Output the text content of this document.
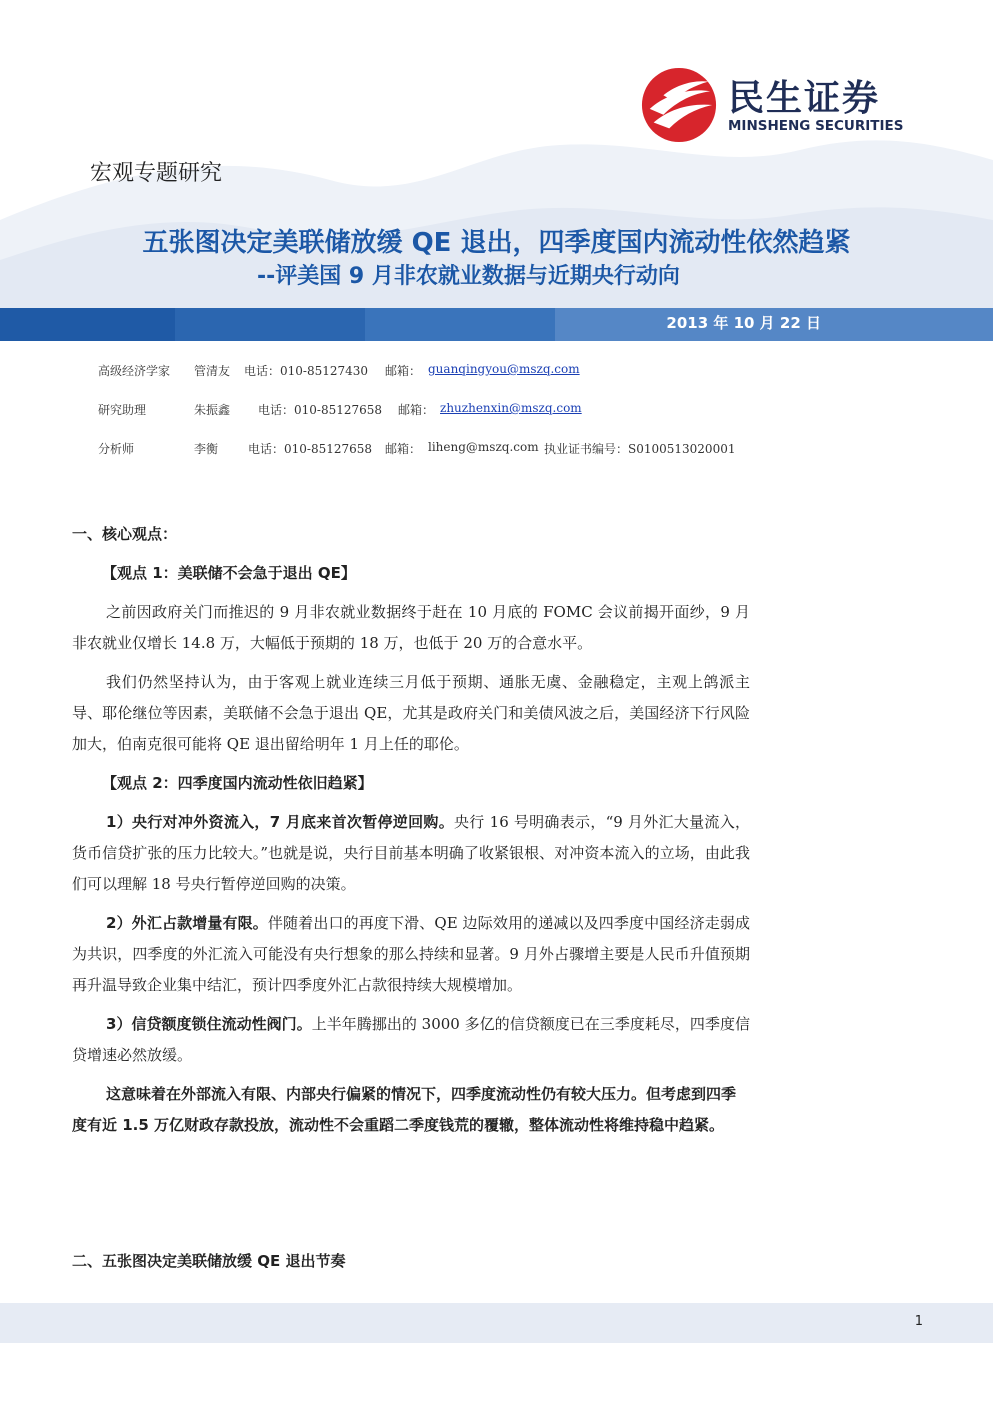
民生证券
MINSHENG SECURITIES
宏观专题研究
五张图决定美联储放缓 QE 退出，四季度国内流动性依然趋紧
--评美国 9 月非农就业数据与近期央行动向
2013 年 10 月 22 日
高级经济学家 管清友 电话：010-85127430 邮箱： guanqingyou@mszq.com
研究助理	朱振鑫 电话：010-85127658 邮箱： zhuzhenxin@mszq.com
分析师	李衡 电话：010-85127658 邮箱： liheng@mszq.com 执业证书编号：S0100513020001
一、核心观点：
【观点 1：美联储不会急于退出 QE】

之前因政府关门而推迟的 9 月非农就业数据终于赶在 10 月底的 FOMC 会议前揭开面纱，9 月非农就业仅增长 14.8 万，大幅低于预期的 18 万，也低于 20 万的合意水平。

我们仍然坚持认为，由于客观上就业连续三月低于预期、通胀无虞、金融稳定，主观上鸽派主导、耶伦继位等因素，美联储不会急于退出 QE，尤其是政府关门和美债风波之后，美国经济下行风险加大，伯南克很可能将 QE 退出留给明年 1 月上任的耶伦。

【观点 2：四季度国内流动性依旧趋紧】

1）央行对冲外资流入，7 月底来首次暂停逆回购。央行 16 号明确表示，“9 月外汇大量流入，货币信贷扩张的压力比较大。”也就是说，央行目前基本明确了收紧银根、对冲资本流入的立场，由此我们可以理解 18 号央行暂停逆回购的决策。

2）外汇占款增量有限。伴随着出口的再度下滑、QE 边际效用的递减以及四季度中国经济走弱成为共识，四季度的外汇流入可能没有央行想象的那么持续和显著。9 月外占骤增主要是人民币升值预期再升温导致企业集中结汇，预计四季度外汇占款很持续大规模增加。

3）信贷额度锁住流动性阀门。上半年腾挪出的 3000 多亿的信贷额度已在三季度耗尽，四季度信贷增速必然放缓。

这意味着在外部流入有限、内部央行偏紧的情况下，四季度流动性仍有较大压力。但考虑到四季度有近 1.5 万亿财政存款投放，流动性不会重蹈二季度钱荒的覆辙，整体流动性将维持稳中趋紧。

二、五张图决定美联储放缓 QE 退出节奏
1
